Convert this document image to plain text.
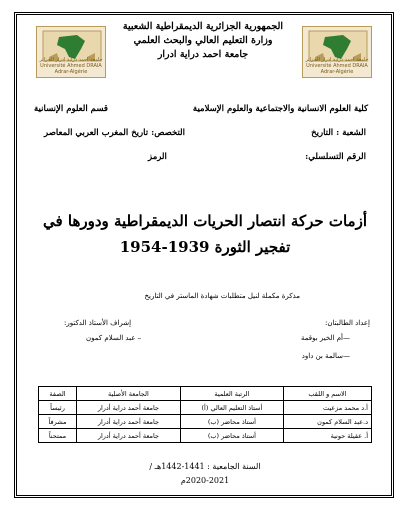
جامعة احمد دراية ادرار الجزائر Université Ahmed DRAIA Adrar-Algérie
جامعة احمد دراية ادرار الجزائر Université Ahmed DRAIA Adrar-Algérie
الجمهورية الجزائرية الديمقراطية الشعبية
وزارة التعليم العالي والبحث العلمي
جامعة احمد دراية ادرار
كلية العلوم الانسانية والاجتماعية والعلوم الإسلامية
قسم العلوم الإنسانية
الشعبة : التاريخ
التخصص: تاريخ المغرب العربي المعاصر
الرقم التسلسلي:
الرمز
أزمات حركة انتصار الحريات الديمقراطية ودورها في
تفجير الثورة 1939-1954
مذكرة مكملة لنيل متطلبات شهادة الماستر في التاريخ
إعداد الطالبتان:
إشراف الأستاذ الدكتور:
—أم الخير بوقمة
– عبد السلام كمون
—سالمة بن داود
الاسم و اللقب	الرتبة العلمية	الجامعة الأصلية	الصفة
أ.د محمد مزعيت	أستاذ التعليم العالي (أ)	جامعة أحمد دراية أدرار	رئيساً
د.عبد السلام كمون	أستاذ محاضر (ب)	جامعة أحمد دراية أدرار	مشرفاً
أ. عقيلة حونية	أستاذ محاضر (ب)	جامعة أحمد دراية أدرار	ممتحناً
السنة الجامعية : 1441-1442هـ /
2020-2021م
